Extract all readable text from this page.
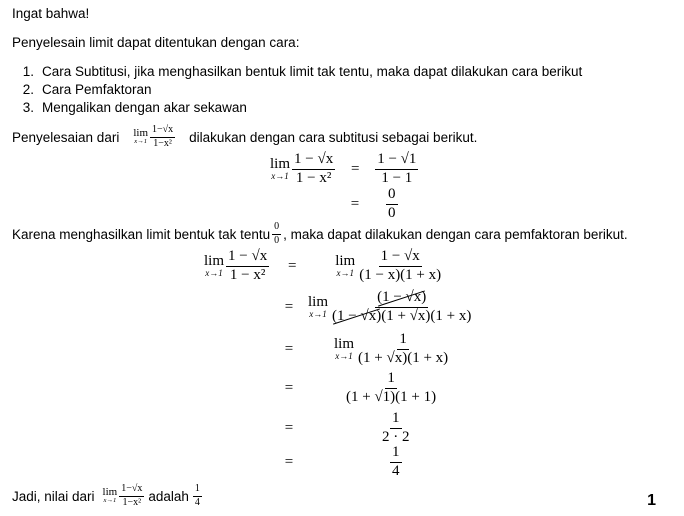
Ingat bahwa!
Penyelesain limit dapat ditentukan dengan cara:
1. Cara Subtitusi, jika menghasilkan bentuk limit tak tentu, maka dapat dilakukan cara berikut
2. Cara Pemfaktoran
3. Mengalikan dengan akar sekawan
Penyelesaian dari lim
$x\to 1 \frac{1-√x}{\text{1−x²}}$ dilakukan dengan cara subtitusi sebagai berikut.
lim
$x\to 1 \frac{1 - √x}{\text{1 − x²}}$	=	$\frac{1 - √1}{1 - 1}$
=	$\frac{0}{0}$
Karena menghasilkan limit bentuk tak tentu $\frac{0}{0}$ , maka dapat dilakukan dengan cara pemfaktoran berikut.
lim
$x\to 1 \frac{1 - √x}{\text{1 − x²}}$	=	lim
$x\to 1 \frac{1 - √x}{(1 - x)(1 + x)}$
= lim
$x\to 1 \frac{(1 - √x)}{(1 - √x)(1 + √x)(1 + x)}$
=	lim
$x\to 1 \frac{1}{(1 + √x)(1 + x)}$
=	$\frac{1}{(1 + √1)(1 + 1)}$
=	$\frac{1}{2 \cdot 2}$
=	$\frac{1}{4}$
Jadi, nilai dari lim
$x\to 1 \frac{1-√x}{\text{1−x²}}$ adalah $\frac{1}{4}$	1
